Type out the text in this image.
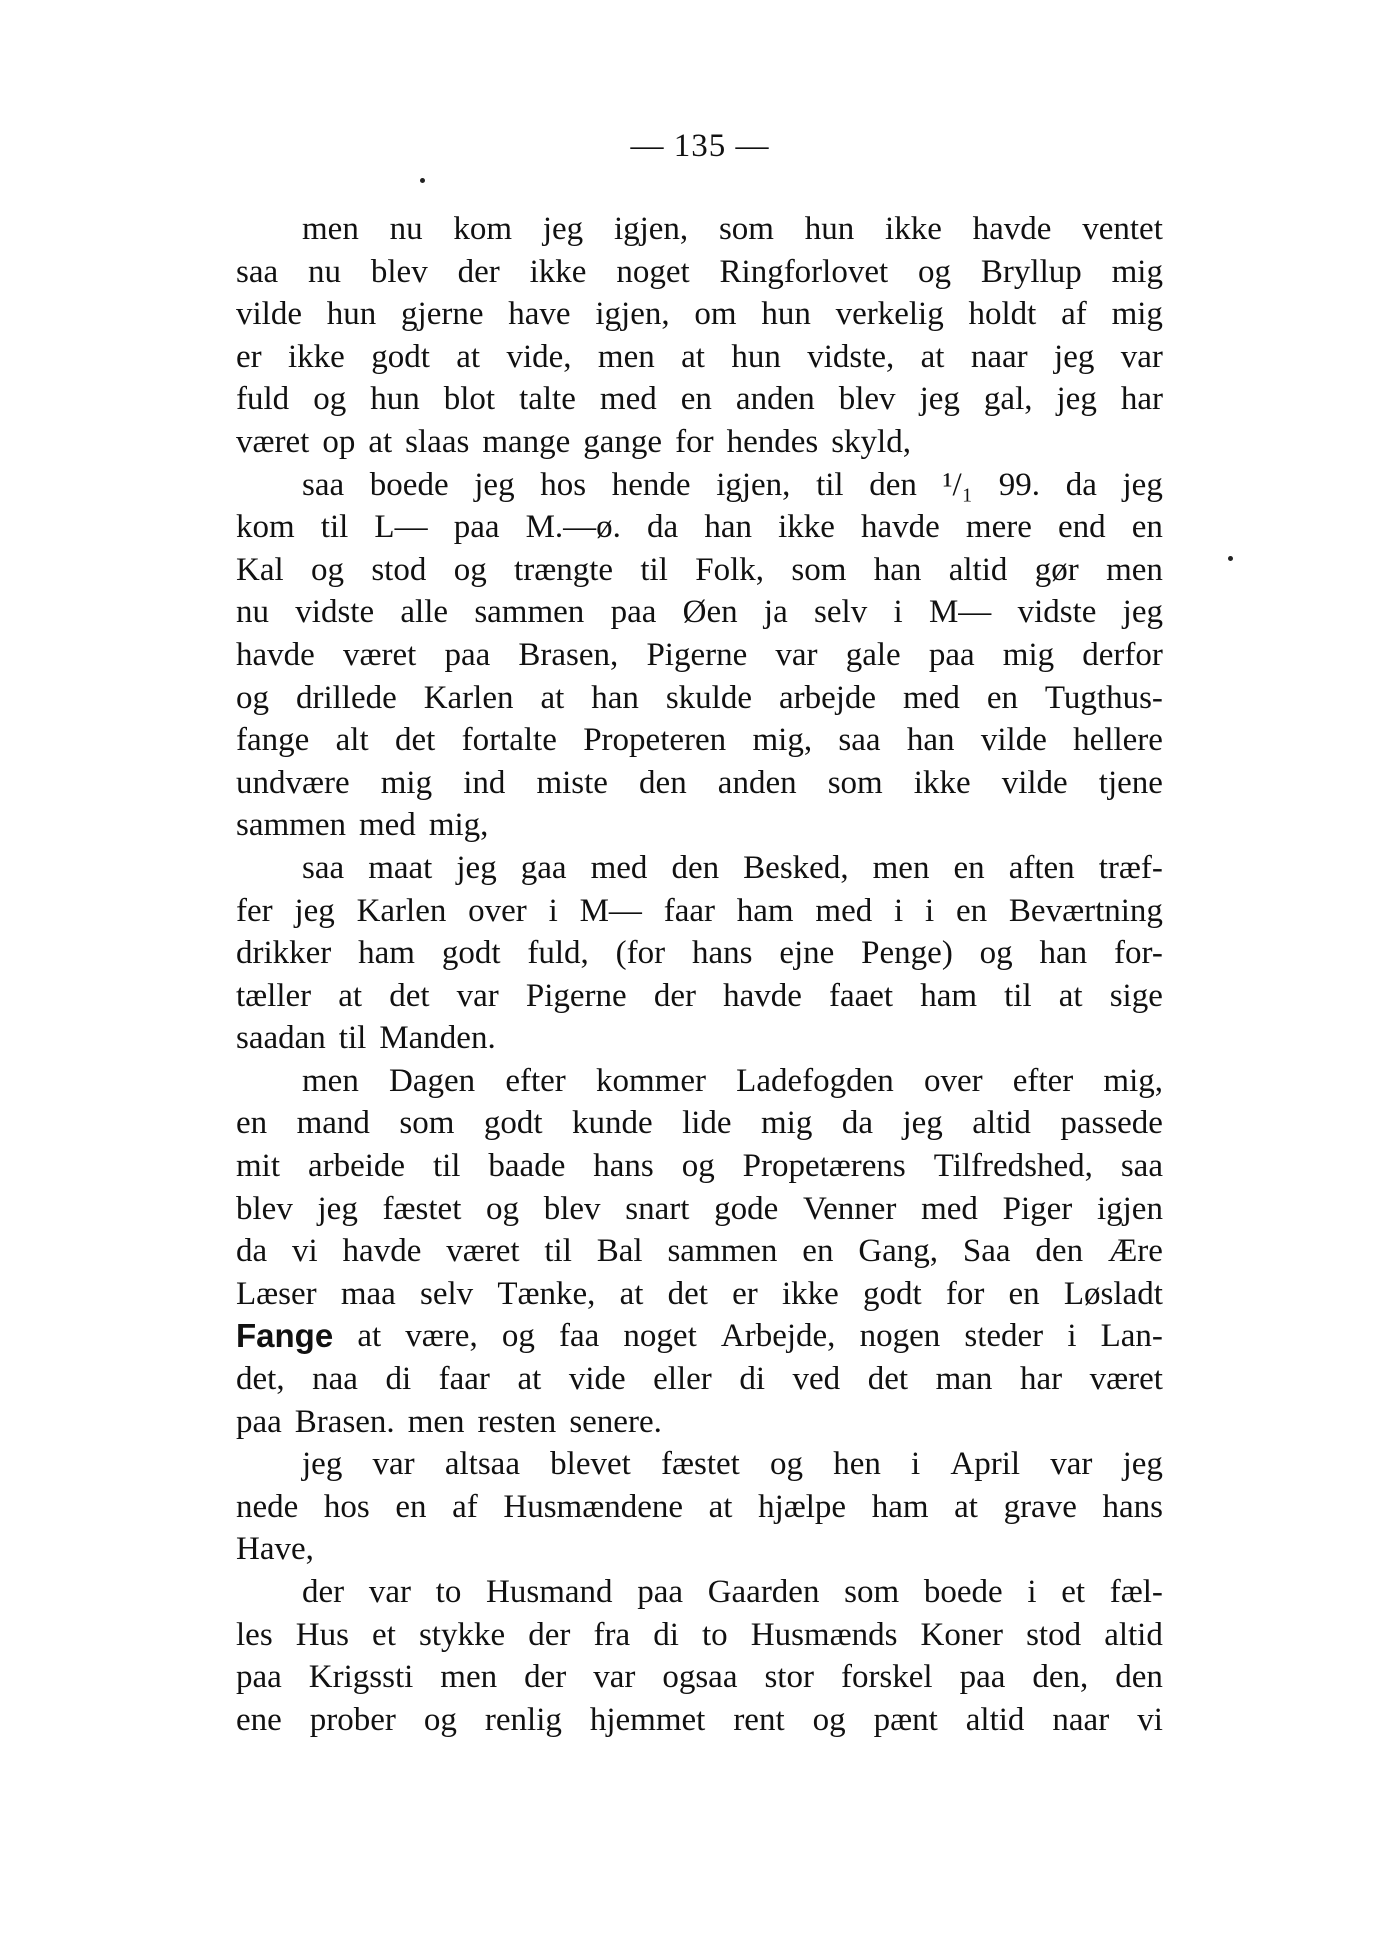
— 135 —
men nu kom jeg igjen, som hun ikke havde ventet
saa nu blev der ikke noget Ringforlovet og Bryllup mig
vilde hun gjerne have igjen, om hun verkelig holdt af mig
er ikke godt at vide, men at hun vidste, at naar jeg var
fuld og hun blot talte med en anden blev jeg gal, jeg har
været op at slaas mange gange for hendes skyld,
saa boede jeg hos hende igjen, til den ¹/₁ 99. da jeg
kom til L— paa M.—ø. da han ikke havde mere end en
Kal og stod og trængte til Folk, som han altid gør men
nu vidste alle sammen paa Øen ja selv i M— vidste jeg
havde været paa Brasen, Pigerne var gale paa mig derfor
og drillede Karlen at han skulde arbejde med en Tugthus-
fange alt det fortalte Propeteren mig, saa han vilde hellere
undvære mig ind miste den anden som ikke vilde tjene
sammen med mig,
saa maat jeg gaa med den Besked, men en aften træf-
fer jeg Karlen over i M— faar ham med i i en Beværtning
drikker ham godt fuld, (for hans ejne Penge) og han for-
tæller at det var Pigerne der havde faaet ham til at sige
saadan til Manden.
men Dagen efter kommer Ladefogden over efter mig,
en mand som godt kunde lide mig da jeg altid passede
mit arbeide til baade hans og Propetærens Tilfredshed, saa
blev jeg fæstet og blev snart gode Venner med Piger igjen
da vi havde været til Bal sammen en Gang, Saa den Ære
Læser maa selv Tænke, at det er ikke godt for en Løsladt
Fange at være, og faa noget Arbejde, nogen steder i Lan-
det, naa di faar at vide eller di ved det man har været
paa Brasen. men resten senere.
jeg var altsaa blevet fæstet og hen i April var jeg
nede hos en af Husmændene at hjælpe ham at grave hans
Have,
der var to Husmand paa Gaarden som boede i et fæl-
les Hus et stykke der fra di to Husmænds Koner stod altid
paa Krigssti men der var ogsaa stor forskel paa den, den
ene prober og renlig hjemmet rent og pænt altid naar vi
